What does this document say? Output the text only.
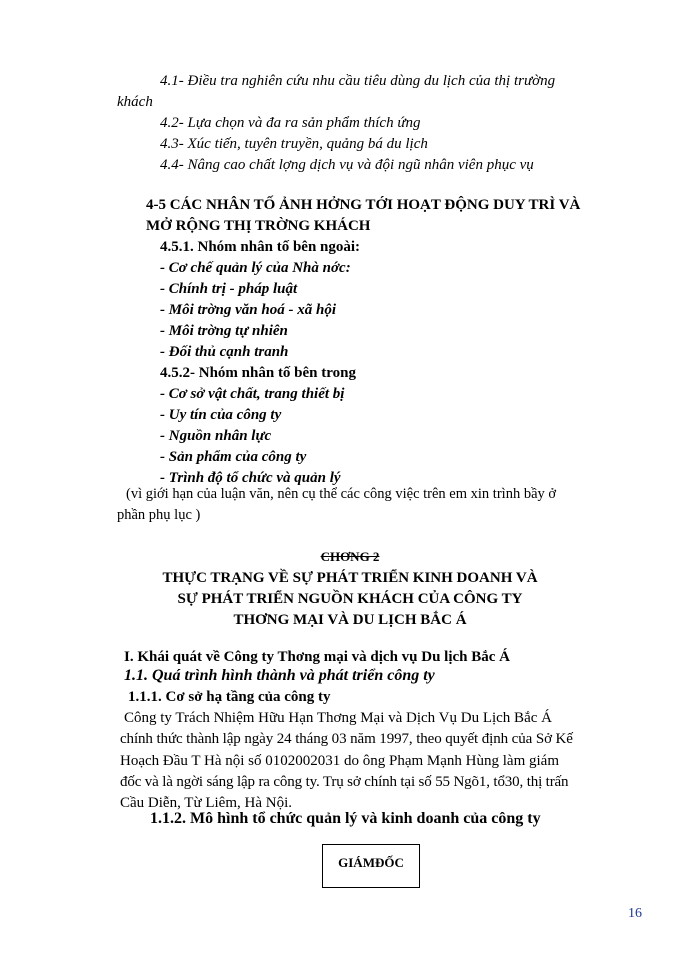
4.1- Điều tra nghiên cứu nhu cầu tiêu dùng du lịch của thị trường
khách
4.2- Lựa chọn và đa ra sản phẩm thích ứng
4.3- Xúc tiến, tuyên truyền, quảng bá du lịch
4.4- Nâng cao chất lợng dịch vụ và đội ngũ nhân viên phục vụ
4-5 CÁC NHÂN TỐ ẢNH HỞNG TỚI HOẠT ĐỘNG DUY TRÌ VÀ
MỞ RỘNG THỊ TRỜNG KHÁCH
4.5.1. Nhóm nhân tố bên ngoài:
- Cơ chế quản lý của Nhà nớc:
- Chính trị - pháp luật
- Môi trờng văn hoá - xã hội
- Môi trờng tự nhiên
- Đối thủ cạnh tranh
4.5.2- Nhóm nhân tố bên trong
- Cơ sở vật chất, trang thiết bị
- Uy tín của công ty
- Nguồn nhân lực
- Sản phẩm của công ty
- Trình độ tổ chức và quản lý
(vì giới hạn của luận văn, nên cụ thể các công việc trên em xin trình bầy ở
phần phụ lục )
CHƠNG 2
THỰC TRẠNG VỀ SỰ PHÁT TRIỂN KINH DOANH VÀ
SỰ PHÁT TRIỂN NGUỒN KHÁCH CỦA CÔNG TY
THƠNG MẠI VÀ DU LỊCH BẮC Á
I. Khái quát về Công ty Thơng mại và dịch vụ Du lịch Bắc Á
1.1. Quá trình hình thành và phát triển công ty
1.1.1. Cơ sở hạ tầng của công ty
Công ty Trách Nhiệm Hữu Hạn Thơng Mại và Dịch Vụ Du Lịch Bắc Á
chính thức thành lập ngày 24 tháng 03 năm 1997, theo quyết định của Sở Kế
Hoạch Đầu T Hà nội số 0102002031 do ông Phạm Mạnh Hùng làm giám
đốc và là ngời sáng lập ra công ty. Trụ sở chính tại số 55 Ngõ1, tổ30, thị trấn
Cầu Diễn, Từ Liêm, Hà Nội.
1.1.2. Mô hình tổ chức quản lý và kinh doanh của công ty
GIÁMĐỐC
16
